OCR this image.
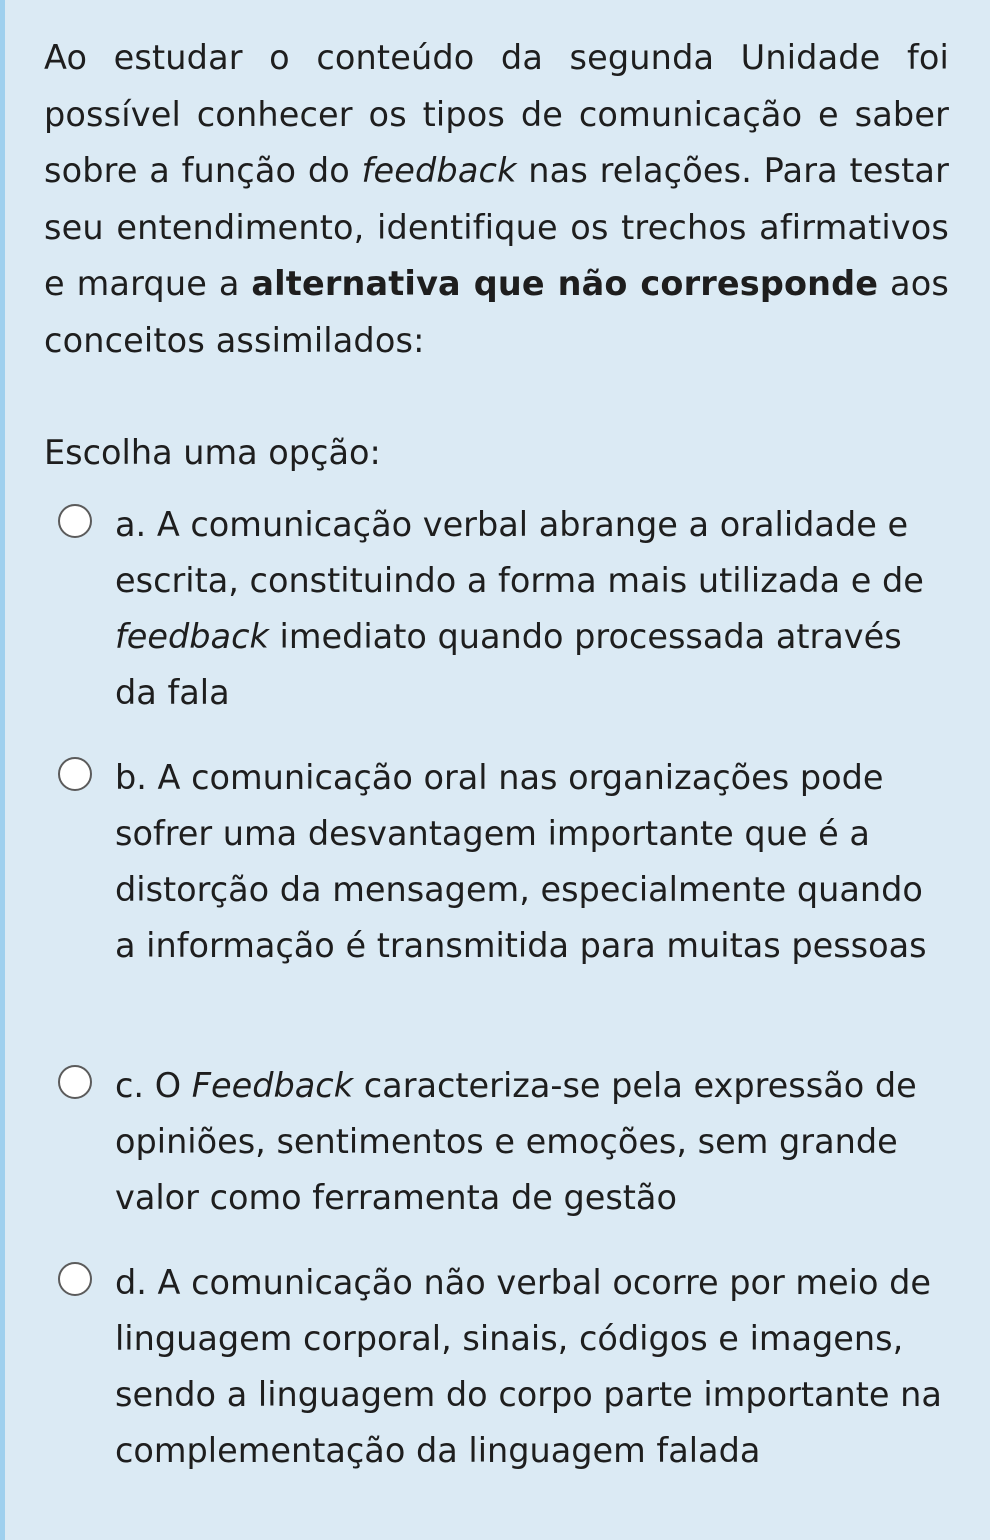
Ao estudar o conteúdo da segunda Unidade foi possível conhecer os tipos de comunicação e saber sobre a função do feedback nas relações. Para testar seu entendimento, identifique os trechos afirmativos e marque a alternativa que não corresponde aos conceitos assimilados:
Escolha uma opção:
a. A comunicação verbal abrange a oralidade e escrita, constituindo a forma mais utilizada e de feedback imediato quando processada através da fala
b. A comunicação oral nas organizações pode sofrer uma desvantagem importante que é a distorção da mensagem, especialmente quando a informação é transmitida para muitas pessoas
c. O Feedback caracteriza-se pela expressão de opiniões, sentimentos e emoções, sem grande valor como ferramenta de gestão
d. A comunicação não verbal ocorre por meio de linguagem corporal, sinais, códigos e imagens, sendo a linguagem do corpo parte importante na complementação da linguagem falada
